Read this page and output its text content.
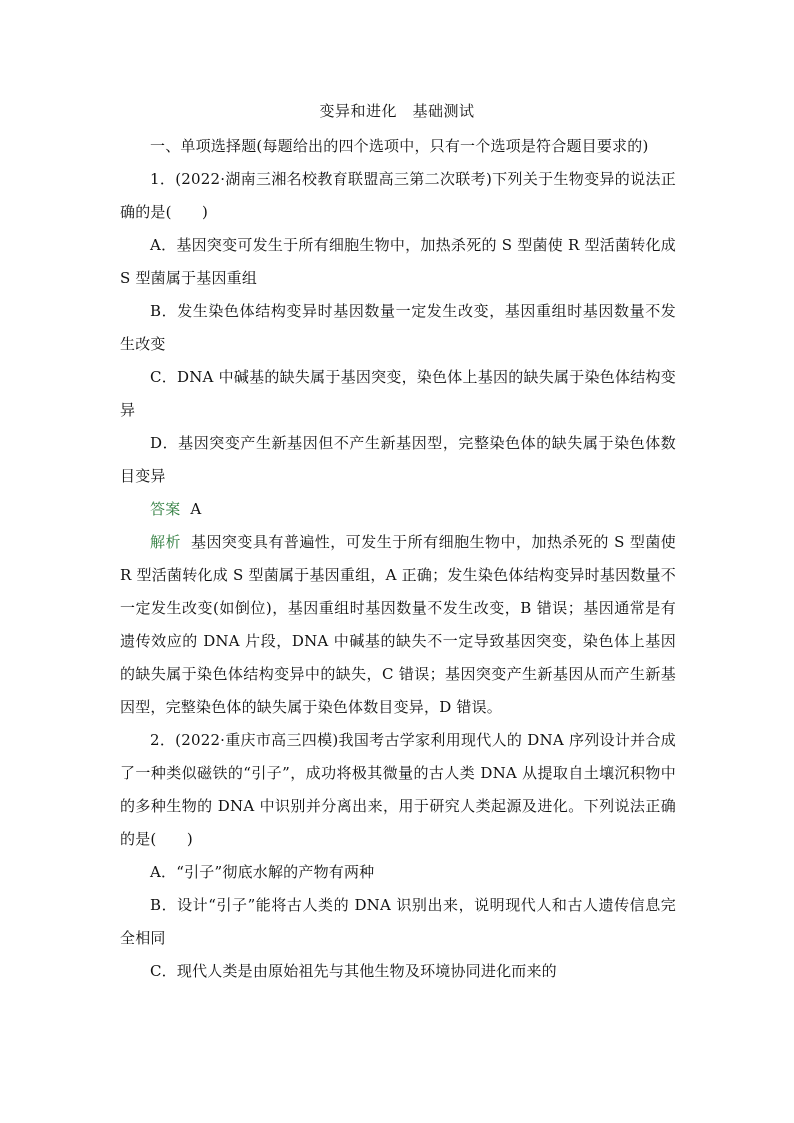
变异和进化　基础测试

一、单项选择题(每题给出的四个选项中，只有一个选项是符合题目要求的)

1．(2022·湖南三湘名校教育联盟高三第二次联考)下列关于生物变异的说法正确的是(　　)

A．基因突变可发生于所有细胞生物中，加热杀死的 S 型菌使 R 型活菌转化成 S 型菌属于基因重组

B．发生染色体结构变异时基因数量一定发生改变，基因重组时基因数量不发生改变

C．DNA 中碱基的缺失属于基因突变，染色体上基因的缺失属于染色体结构变异

D．基因突变产生新基因但不产生新基因型，完整染色体的缺失属于染色体数目变异

答案 A

解析 基因突变具有普遍性，可发生于所有细胞生物中，加热杀死的 S 型菌使 R 型活菌转化成 S 型菌属于基因重组，A 正确；发生染色体结构变异时基因数量不一定发生改变(如倒位)，基因重组时基因数量不发生改变，B 错误；基因通常是有遗传效应的 DNA 片段，DNA 中碱基的缺失不一定导致基因突变，染色体上基因的缺失属于染色体结构变异中的缺失，C 错误；基因突变产生新基因从而产生新基因型，完整染色体的缺失属于染色体数目变异，D 错误。

2．(2022·重庆市高三四模)我国考古学家利用现代人的 DNA 序列设计并合成了一种类似磁铁的“引子”，成功将极其微量的古人类 DNA 从提取自土壤沉积物中的多种生物的 DNA 中识别并分离出来，用于研究人类起源及进化。下列说法正确的是(　　)

A．“引子”彻底水解的产物有两种

B．设计“引子”能将古人类的 DNA 识别出来，说明现代人和古人遗传信息完全相同

C．现代人类是由原始祖先与其他生物及环境协同进化而来的
